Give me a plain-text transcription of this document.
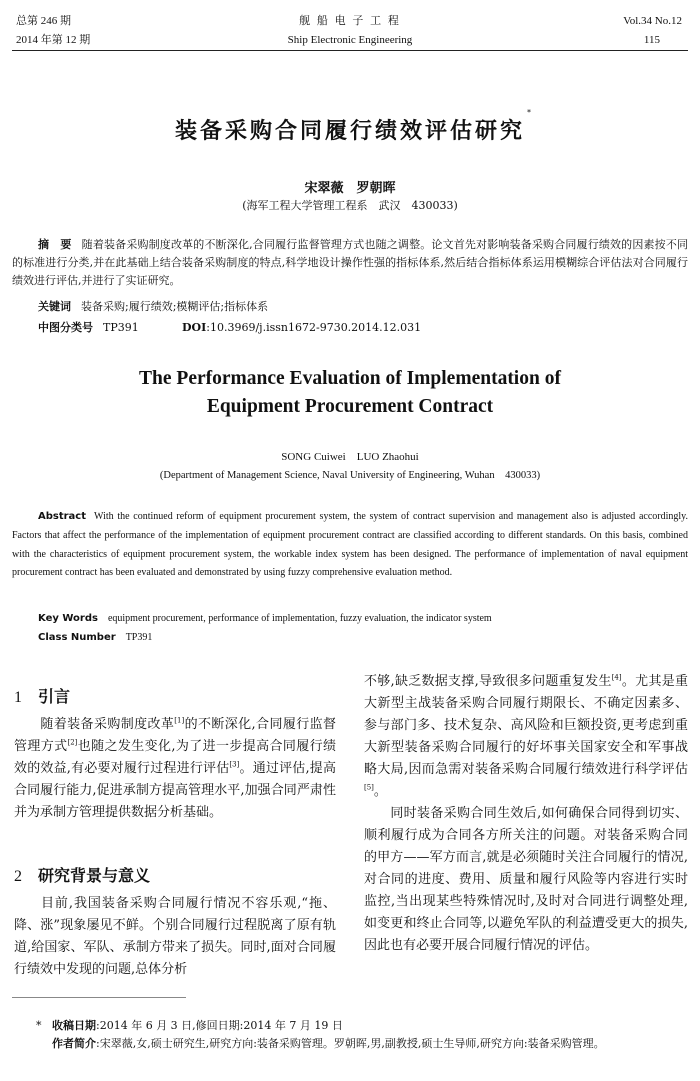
总第 246 期
2014 年第 12 期
舰 船 电 子 工 程
Ship Electronic Engineering
Vol.34 No.12
115
装备采购合同履行绩效评估研究
*
宋翠薇　罗朝晖
(海军工程大学管理工程系　武汉　430033)
摘　要 随着装备采购制度改革的不断深化,合同履行监督管理方式也随之调整。论文首先对影响装备采购合同履行绩效的因素按不同的标准进行分类,并在此基础上结合装备采购制度的特点,科学地设计操作性强的指标体系,然后结合指标体系运用模糊综合评估法对合同履行绩效进行评估,并进行了实证研究。
关键词 装备采购;履行绩效;模糊评估;指标体系
中图分类号 TP391	DOI:10.3969/j.issn1672-9730.2014.12.031
The Performance Evaluation of Implementation of
Equipment Procurement Contract
SONG Cuiwei　LUO Zhaohui
(Department of Management Science, Naval University of Engineering, Wuhan　430033)
Abstract With the continued reform of equipment procurement system, the system of contract supervision and management also is adjusted accordingly. Factors that affect the performance of the implementation of equipment procurement contract are classified according to different standards. On this basis, combined with the characteristics of equipment procurement system, the workable index system has been designed. The performance of implementation of naval equipment procurement contract has been evaluated and demonstrated by using fuzzy comprehensive evaluation method.
Key Words equipment procurement, performance of implementation, fuzzy evaluation, the indicator system
Class Number TP391
1 引言
随着装备采购制度改革[1]的不断深化,合同履行监督管理方式[2]也随之发生变化,为了进一步提高合同履行绩效的效益,有必要对履行过程进行评估[3]。通过评估,提高合同履行能力,促进承制方提高管理水平,加强合同严肃性并为承制方管理提供数据分析基础。
2 研究背景与意义
目前,我国装备采购合同履行情况不容乐观,“拖、降、涨”现象屡见不鲜。个别合同履行过程脱离了原有轨道,给国家、军队、承制方带来了损失。同时,面对合同履行绩效中发现的问题,总体分析
不够,缺乏数据支撑,导致很多问题重复发生[4]。尤其是重大新型主战装备采购合同履行期限长、不确定因素多、参与部门多、技术复杂、高风险和巨额投资,更考虑到重大新型装备采购合同履行的好坏事关国家安全和军事战略大局,因而急需对装备采购合同履行绩效进行科学评估[5]。
同时装备采购合同生效后,如何确保合同得到切实、顺利履行成为合同各方所关注的问题。对装备采购合同的甲方——军方而言,就是必须随时关注合同履行的情况,对合同的进度、费用、质量和履行风险等内容进行实时监控,当出现某些特殊情况时,及时对合同进行调整处理,如变更和终止合同等,以避免军队的利益遭受更大的损失,因此也有必要开展合同履行情况的评估。
* 收稿日期:2014 年 6 月 3 日,修回日期:2014 年 7 月 19 日
作者简介:宋翠薇,女,硕士研究生,研究方向:装备采购管理。罗朝晖,男,副教授,硕士生导师,研究方向:装备采购管理。
